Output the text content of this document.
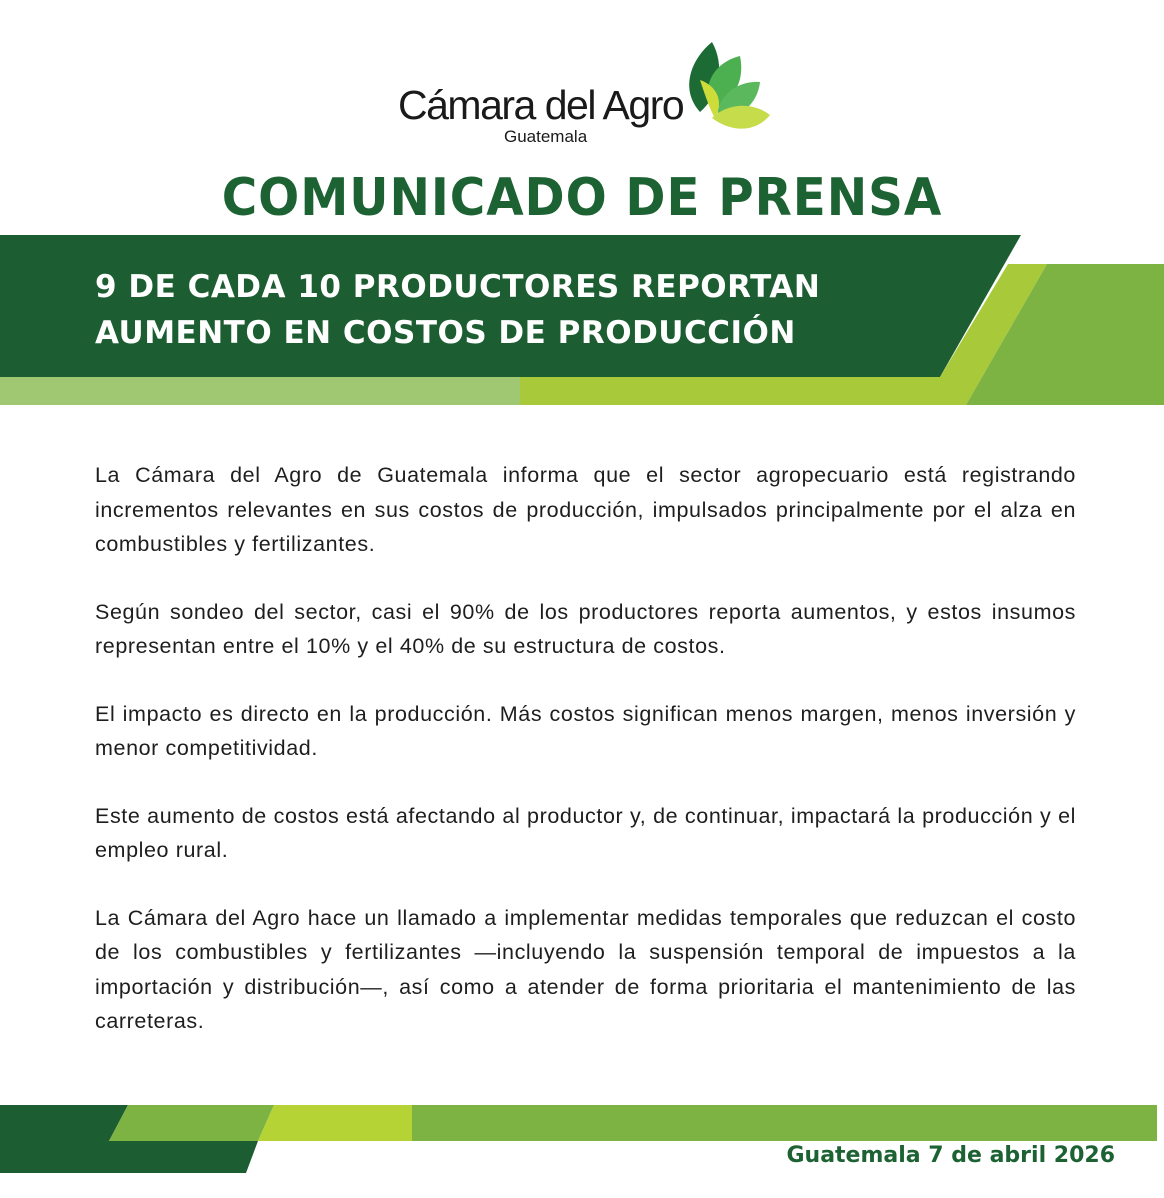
Cámara del Agro
Guatemala
COMUNICADO DE PRENSA
9 DE CADA 10 PRODUCTORES REPORTAN
AUMENTO EN COSTOS DE PRODUCCIÓN

La Cámara del Agro de Guatemala informa que el sector agropecuario está registrando incrementos relevantes en sus costos de producción, impulsados principalmente por el alza en combustibles y fertilizantes.

Según sondeo del sector, casi el 90% de los productores reporta aumentos, y estos insumos representan entre el 10% y el 40% de su estructura de costos.

El impacto es directo en la producción. Más costos significan menos margen, menos inversión y menor competitividad.

Este aumento de costos está afectando al productor y, de continuar, impactará la producción y el empleo rural.

La Cámara del Agro hace un llamado a implementar medidas temporales que reduzcan el costo de los combustibles y fertilizantes —incluyendo la suspensión temporal de impuestos a la importación y distribución—, así como a atender de forma prioritaria el mantenimiento de las carreteras.

Guatemala 7 de abril 2026
